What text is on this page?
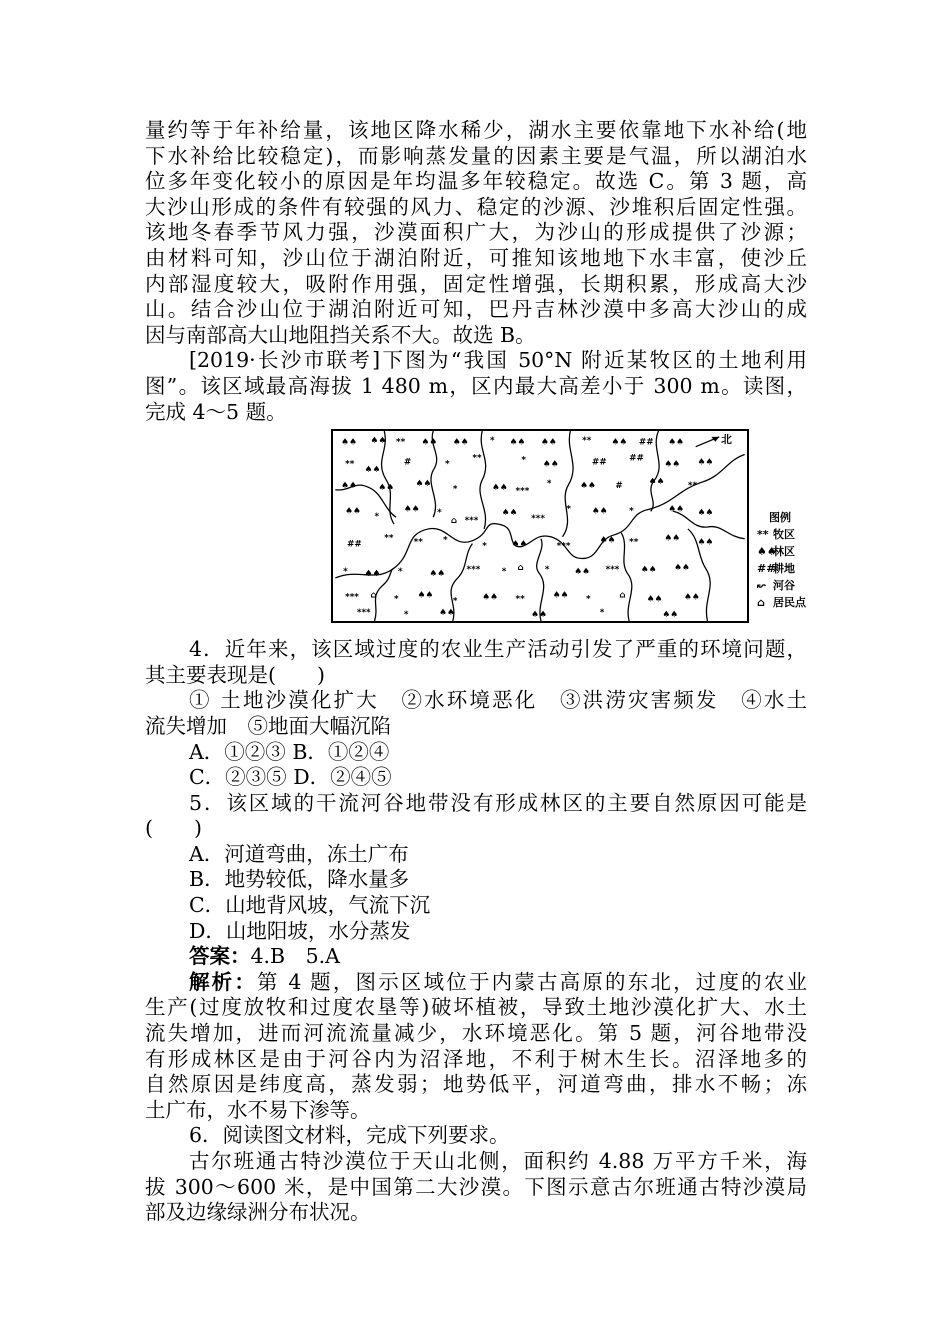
量约等于年补给量，该地区降水稀少，湖水主要依靠地下水补给(地
下水补给比较稳定)，而影响蒸发量的因素主要是气温，所以湖泊水
位多年变化较小的原因是年均温多年较稳定。故选 C。第 3 题，高
大沙山形成的条件有较强的风力、稳定的沙源、沙堆积后固定性强。
该地冬春季节风力强，沙漠面积广大，为沙山的形成提供了沙源；
由材料可知，沙山位于湖泊附近，可推知该地地下水丰富，使沙丘
内部湿度较大，吸附作用强，固定性增强，长期积累，形成高大沙
山。结合沙山位于湖泊附近可知，巴丹吉林沙漠中多高大沙山的成
因与南部高大山地阻挡关系不大。故选 B。
[2019·长沙市联考]下图为“我国 50°N 附近某牧区的土地利用
图”。该区域最高海拔 1 480 m，区内最大高差小于 300 m。读图，
完成 4～5 题。
北
♠♠ ♠♠ ** ♠♠ ♠♠ * ♠♠ ♠♠	** ♠♠ ## ♠♠
**
♠♠
#	*
**	* ♠♠	## ##
♠♠ ♠♠
♠♠ ♠♠ ♠♠
*	♠♠ ***
*	♠♠ #	♠♠	**
♠♠
*
♠♠ *
***
⌂
♠♠
***
* ♠♠ *	♠♠ ♠♠
##
** ** *
*	♠♠	***
♠♠ **	♠♠ ♠♠
* ♠♠ *	♠♠ *** * ⌂ *	♠♠ *** ♠♠ ♠♠
*** ⌂ * ♠♠
*	♠♠ **	♠♠ *	⌂ ♠♠ ♠♠
***	*	♠♠	♠♠	*	♠♠
图例
** 牧区
♠♠林区
##耕地
↜ 河谷
⌂ 居民点
4．近年来，该区域过度的农业生产活动引发了严重的环境问题，
其主要表现是(　　)
① 土地沙漠化扩大　②水环境恶化　③洪涝灾害频发　④水土
流失增加　⑤地面大幅沉陷
A．①②③ B．①②④
C．②③⑤ D．②④⑤
5．该区域的干流河谷地带没有形成林区的主要自然原因可能是
(　　)
A．河道弯曲，冻土广布
B．地势较低，降水量多
C．山地背风坡，气流下沉
D．山地阳坡，水分蒸发
答案：4.B　5.A
解析：第 4 题，图示区域位于内蒙古高原的东北，过度的农业
生产(过度放牧和过度农垦等)破坏植被，导致土地沙漠化扩大、水土
流失增加，进而河流流量减少，水环境恶化。第 5 题，河谷地带没
有形成林区是由于河谷内为沼泽地，不利于树木生长。沼泽地多的
自然原因是纬度高，蒸发弱；地势低平，河道弯曲，排水不畅；冻
土广布，水不易下渗等。
6．阅读图文材料，完成下列要求。
古尔班通古特沙漠位于天山北侧，面积约 4.88 万平方千米，海
拔 300～600 米，是中国第二大沙漠。下图示意古尔班通古特沙漠局
部及边缘绿洲分布状况。
